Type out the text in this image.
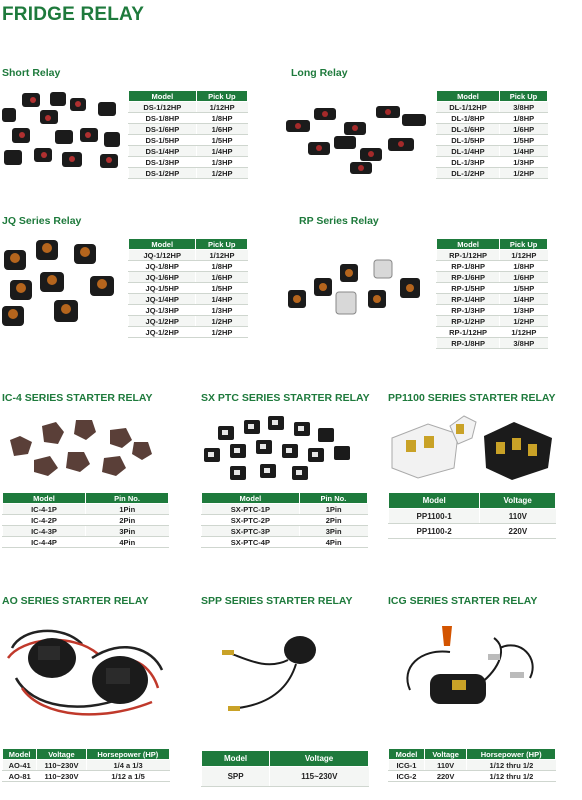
FRIDGE RELAY
Short Relay
Model	Pick Up
DS-1/12HP	1/12HP
DS-1/8HP	1/8HP
DS-1/6HP	1/6HP
DS-1/5HP	1/5HP
DS-1/4HP	1/4HP
DS-1/3HP	1/3HP
DS-1/2HP	1/2HP
Long Relay
Model	Pick Up
DL-1/12HP	3/8HP
DL-1/8HP	1/8HP
DL-1/6HP	1/6HP
DL-1/5HP	1/5HP
DL-1/4HP	1/4HP
DL-1/3HP	1/3HP
DL-1/2HP	1/2HP
JQ Series Relay
Model	Pick Up
JQ-1/12HP	1/12HP
JQ-1/8HP	1/8HP
JQ-1/6HP	1/6HP
JQ-1/5HP	1/5HP
JQ-1/4HP	1/4HP
JQ-1/3HP	1/3HP
JQ-1/2HP	1/2HP
JQ-1/2HP	1/2HP
RP Series Relay
Model	Pick Up
RP-1/12HP	1/12HP
RP-1/8HP	1/8HP
RP-1/6HP	1/6HP
RP-1/5HP	1/5HP
RP-1/4HP	1/4HP
RP-1/3HP	1/3HP
RP-1/2HP	1/2HP
RP-1/12HP	1/12HP
RP-1/8HP	3/8HP
IC-4 SERIES STARTER RELAY
Model	Pin No.
IC-4-1P	1Pin
IC-4-2P	2Pin
IC-4-3P	3Pin
IC-4-4P	4Pin
SX PTC SERIES STARTER RELAY
Model	Pin No.
SX-PTC-1P	1Pin
SX-PTC-2P	2Pin
SX-PTC-3P	3Pin
SX-PTC-4P	4Pin
PP1100 SERIES STARTER RELAY
Model	Voltage
PP1100-1	110V
PP1100-2	220V
AO SERIES STARTER RELAY
Model	Voltage	Horsepower (HP)
AO-41	110~230V	1/4 a 1/3
AO-81	110~230V	1/12 a 1/5
SPP SERIES STARTER RELAY
Model	Voltage
SPP	115~230V
ICG SERIES STARTER RELAY
Model	Voltage	Horsepower (HP)
ICG-1	110V	1/12 thru 1/2
ICG-2	220V	1/12 thru 1/2
